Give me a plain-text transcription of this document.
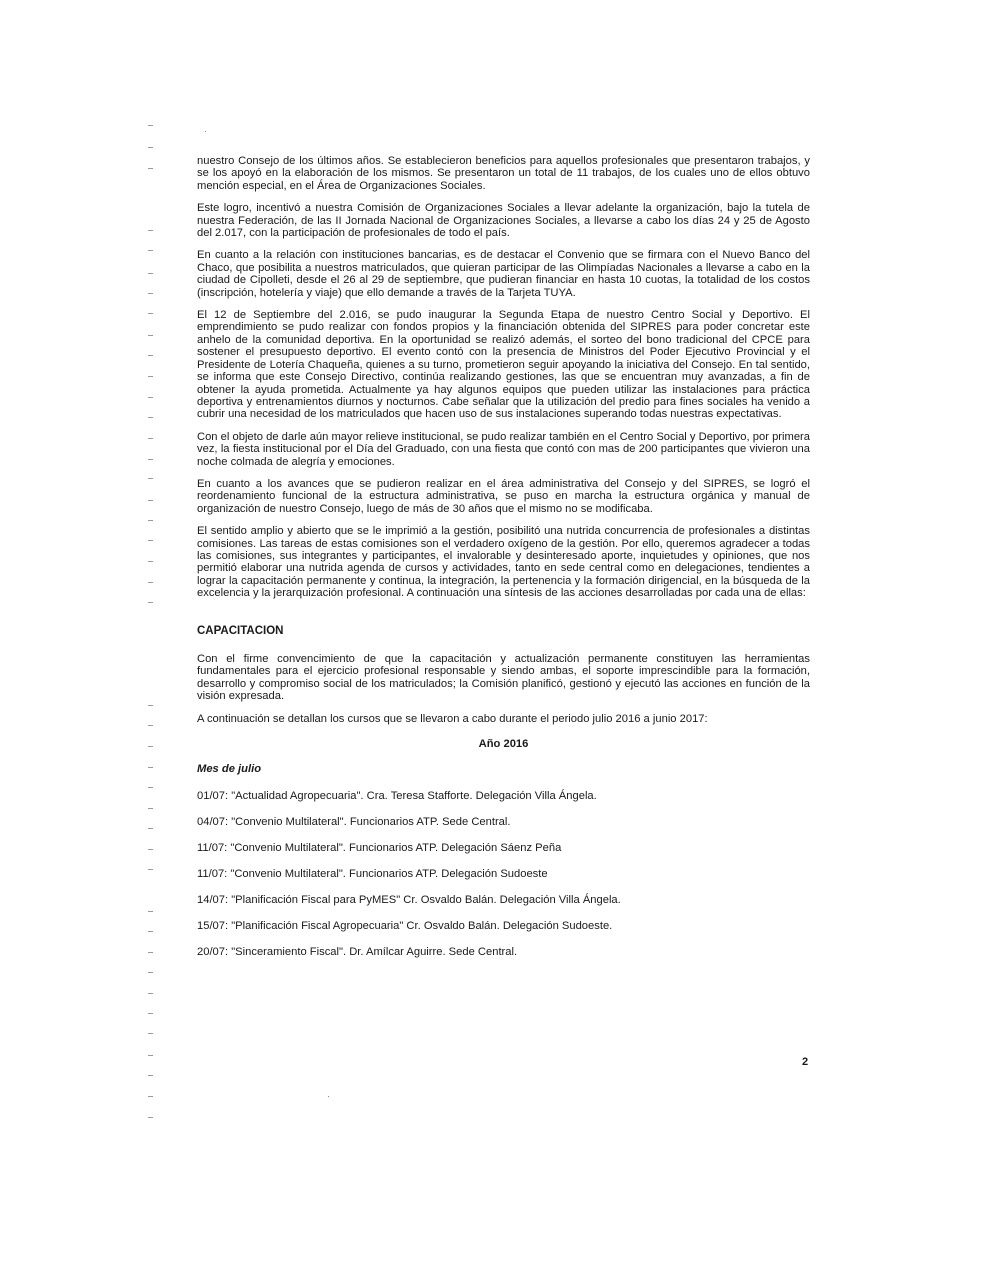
nuestro Consejo de los últimos años. Se establecieron beneficios para aquellos profesionales que presentaron trabajos, y se los apoyó en la elaboración de los mismos. Se presentaron un total de 11 trabajos, de los cuales uno de ellos obtuvo mención especial, en el Área de Organizaciones Sociales.

Este logro, incentivó a nuestra Comisión de Organizaciones Sociales a llevar adelante la organización, bajo la tutela de nuestra Federación, de las II Jornada Nacional de Organizaciones Sociales, a llevarse a cabo los días 24 y 25 de Agosto del 2.017, con la participación de profesionales de todo el país.

En cuanto a la relación con instituciones bancarias, es de destacar el Convenio que se firmara con el Nuevo Banco del Chaco, que posibilita a nuestros matriculados, que quieran participar de las Olimpíadas Nacionales a llevarse a cabo en la ciudad de Cipolleti, desde el 26 al 29 de septiembre, que pudieran financiar en hasta 10 cuotas, la totalidad de los costos (inscripción, hotelería y viaje) que ello demande a través de la Tarjeta TUYA.

El 12 de Septiembre del 2.016, se pudo inaugurar la Segunda Etapa de nuestro Centro Social y Deportivo. El emprendimiento se pudo realizar con fondos propios y la financiación obtenida del SIPRES para poder concretar este anhelo de la comunidad deportiva. En la oportunidad se realizó además, el sorteo del bono tradicional del CPCE para sostener el presupuesto deportivo. El evento contó con la presencia de Ministros del Poder Ejecutivo Provincial y el Presidente de Lotería Chaqueña, quienes a su turno, prometieron seguir apoyando la iniciativa del Consejo. En tal sentido, se informa que este Consejo Directivo, continúa realizando gestiones, las que se encuentran muy avanzadas, a fin de obtener la ayuda prometida. Actualmente ya hay algunos equipos que pueden utilizar las instalaciones para práctica deportiva y entrenamientos diurnos y nocturnos. Cabe señalar que la utilización del predio para fines sociales ha venido a cubrir una necesidad de los matriculados que hacen uso de sus instalaciones superando todas nuestras expectativas.

Con el objeto de darle aún mayor relieve institucional, se pudo realizar también en el Centro Social y Deportivo, por primera vez, la fiesta institucional por el Día del Graduado, con una fiesta que contó con mas de 200 participantes que vivieron una noche colmada de alegría y emociones.

En cuanto a los avances que se pudieron realizar en el área administrativa del Consejo y del SIPRES, se logró el reordenamiento funcional de la estructura administrativa, se puso en marcha la estructura orgánica y manual de organización de nuestro Consejo, luego de más de 30 años que el mismo no se modificaba.

El sentido amplio y abierto que se le imprimió a la gestión, posibilitó una nutrida concurrencia de profesionales a distintas comisiones. Las tareas de estas comisiones son el verdadero oxígeno de la gestión. Por ello, queremos agradecer a todas las comisiones, sus integrantes y participantes, el invalorable y desinteresado aporte, inquietudes y opiniones, que nos permitió elaborar una nutrida agenda de cursos y actividades, tanto en sede central como en delegaciones, tendientes a lograr la capacitación permanente y continua, la integración, la pertenencia y la formación dirigencial, en la búsqueda de la excelencia y la jerarquización profesional. A continuación una síntesis de las acciones desarrolladas por cada una de ellas:

CAPACITACION

Con el firme convencimiento de que la capacitación y actualización permanente constituyen las herramientas fundamentales para el ejercicio profesional responsable y siendo ambas, el soporte imprescindible para la formación, desarrollo y compromiso social de los matriculados; la Comisión planificó, gestionó y ejecutó las acciones en función de la visión expresada.

A continuación se detallan los cursos que se llevaron a cabo durante el periodo julio 2016 a junio 2017:

Año 2016
Mes de julio
01/07: "Actualidad Agropecuaria". Cra. Teresa Stafforte. Delegación Villa Ángela.
04/07: "Convenio Multilateral". Funcionarios ATP. Sede Central.
11/07: "Convenio Multilateral". Funcionarios ATP. Delegación Sáenz Peña
11/07: "Convenio Multilateral". Funcionarios ATP. Delegación Sudoeste
14/07: "Planificación Fiscal para PyMES" Cr. Osvaldo Balán. Delegación Villa Ángela.
15/07: "Planificación Fiscal Agropecuaria" Cr. Osvaldo Balán. Delegación Sudoeste.
20/07: "Sinceramiento Fiscal". Dr. Amílcar Aguirre. Sede Central.
2
